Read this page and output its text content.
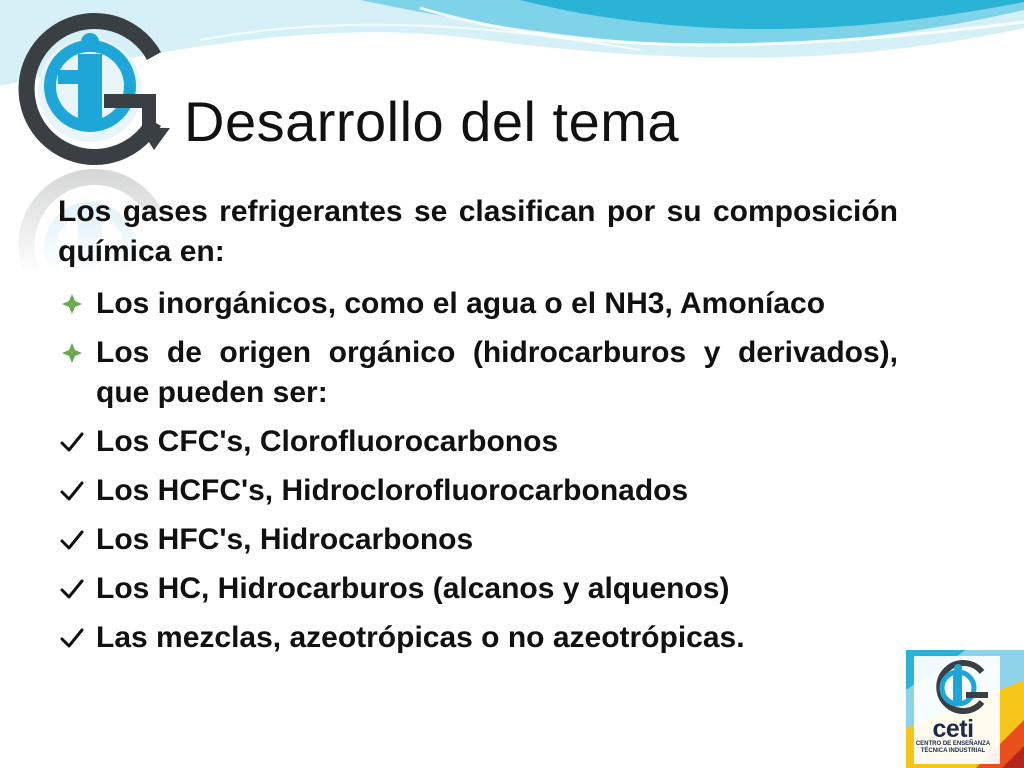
Desarrollo del tema

Los gases refrigerantes se clasifican por su composición química en:

Los inorgánicos, como el agua o el NH3, Amoníaco
Los de origen orgánico (hidrocarburos y derivados), que pueden ser:
Los CFC's, Clorofluorocarbonos
Los HCFC's, Hidroclorofluorocarbonados
Los HFC's, Hidrocarbonos
Los HC, Hidrocarburos (alcanos y alquenos)
Las mezclas, azeotrópicas o no azeotrópicas.
ceti
CENTRO DE ENSEÑANZA
TÉCNICA INDUSTRIAL
